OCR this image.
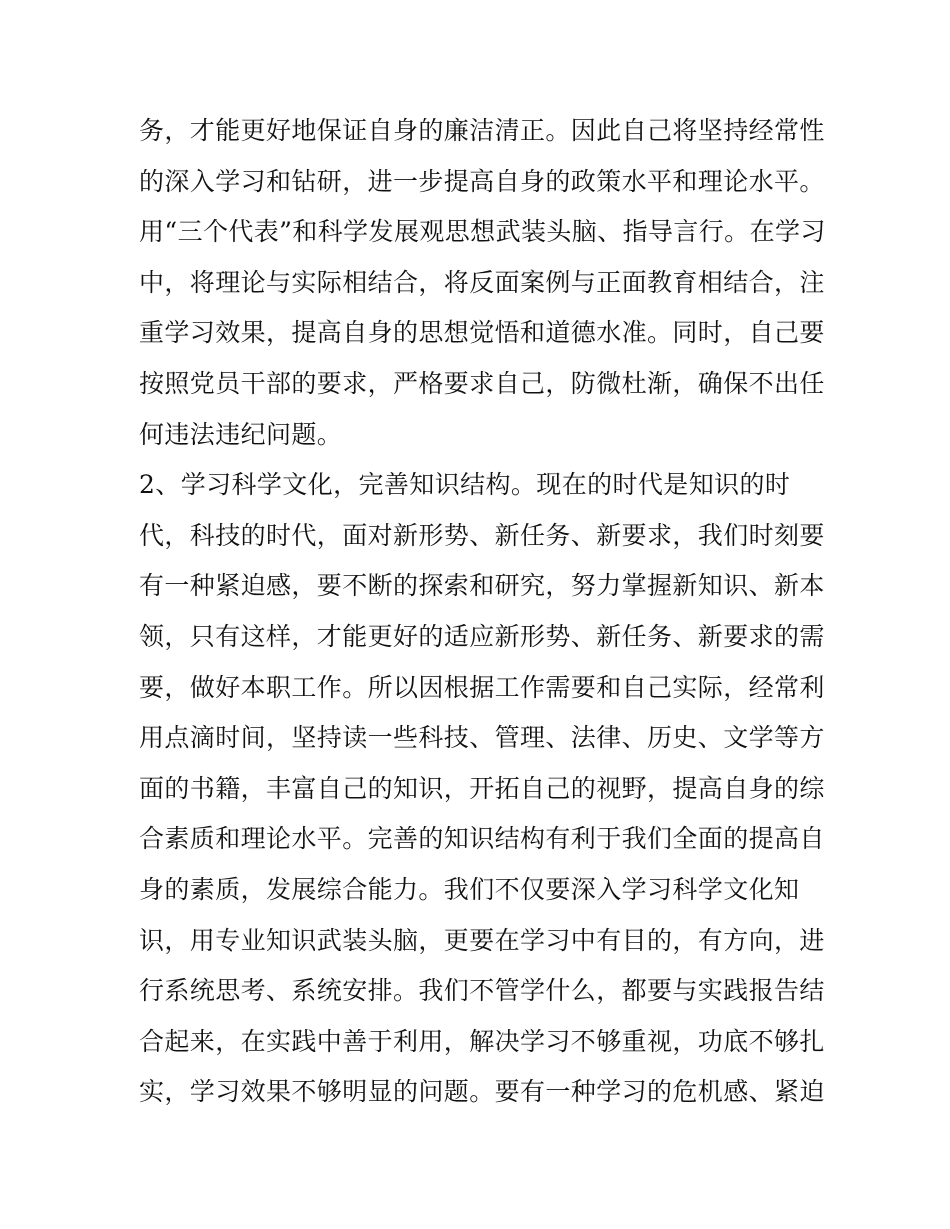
务，才能更好地保证自身的廉洁清正。因此自己将坚持经常性
的深入学习和钻研，进一步提高自身的政策水平和理论水平。
用“三个代表”和科学发展观思想武装头脑、指导言行。在学习
中，将理论与实际相结合，将反面案例与正面教育相结合，注
重学习效果，提高自身的思想觉悟和道德水准。同时，自己要
按照党员干部的要求，严格要求自己，防微杜渐，确保不出任
何违法违纪问题。
2、学习科学文化，完善知识结构。现在的时代是知识的时
代，科技的时代，面对新形势、新任务、新要求，我们时刻要
有一种紧迫感，要不断的探索和研究，努力掌握新知识、新本
领，只有这样，才能更好的适应新形势、新任务、新要求的需
要，做好本职工作。所以因根据工作需要和自己实际，经常利
用点滴时间，坚持读一些科技、管理、法律、历史、文学等方
面的书籍，丰富自己的知识，开拓自己的视野，提高自身的综
合素质和理论水平。完善的知识结构有利于我们全面的提高自
身的素质，发展综合能力。我们不仅要深入学习科学文化知
识，用专业知识武装头脑，更要在学习中有目的，有方向，进
行系统思考、系统安排。我们不管学什么，都要与实践报告结
合起来，在实践中善于利用，解决学习不够重视，功底不够扎
实，学习效果不够明显的问题。要有一种学习的危机感、紧迫
